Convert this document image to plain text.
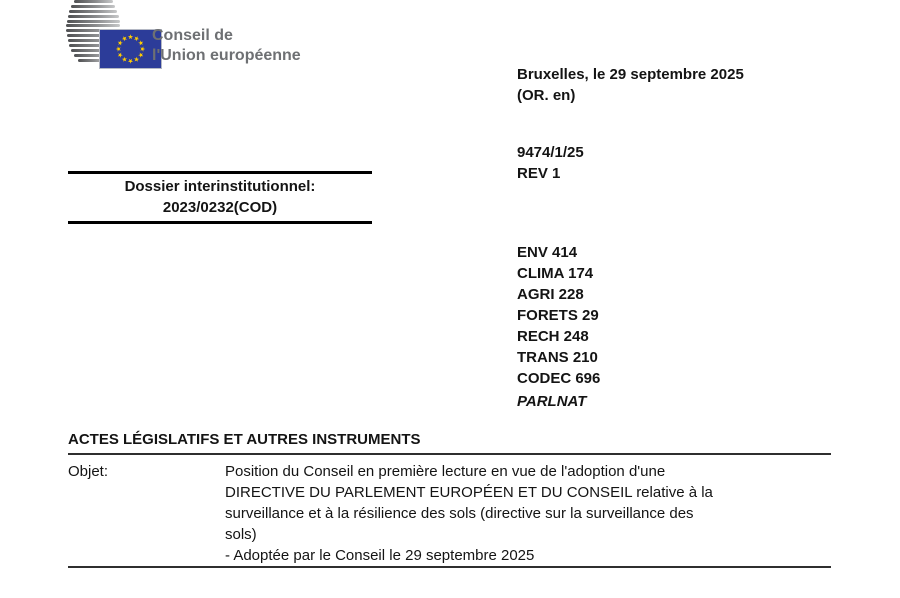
Conseil de
l'Union européenne
Bruxelles, le 29 septembre 2025
(OR. en)
9474/1/25
REV 1
Dossier interinstitutionnel:
2023/0232(COD)
ENV 414
CLIMA 174
AGRI 228
FORETS 29
RECH 248
TRANS 210
CODEC 696
PARLNAT
ACTES LÉGISLATIFS ET AUTRES INSTRUMENTS
Objet:	Position du Conseil en première lecture en vue de l'adoption d'une
DIRECTIVE DU PARLEMENT EUROPÉEN ET DU CONSEIL relative à la
surveillance et à la résilience des sols (directive sur la surveillance des
sols)
- Adoptée par le Conseil le 29 septembre 2025
